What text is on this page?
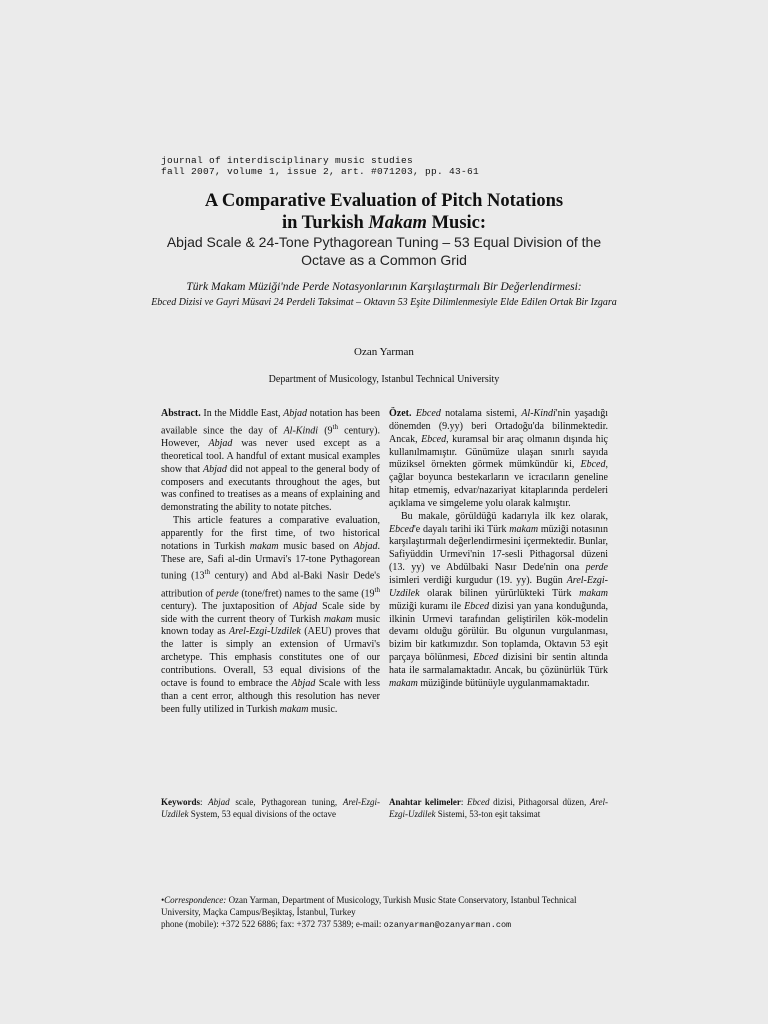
journal of interdisciplinary music studies
fall 2007, volume 1, issue 2, art. #071203, pp. 43-61
A Comparative Evaluation of Pitch Notations
in Turkish Makam Music:
Abjad Scale & 24-Tone Pythagorean Tuning – 53 Equal Division of the Octave as a Common Grid
Türk Makam Müziği'nde Perde Notasyonlarının Karşılaştırmalı Bir Değerlendirmesi:
Ebced Dizisi ve Gayri Müsavi 24 Perdeli Taksimat – Oktavın 53 Eşite Dilimlenmesiyle Elde Edilen Ortak Bir Izgara
Ozan Yarman
Department of Musicology, Istanbul Technical University

Abstract. In the Middle East, Abjad notation has been available since the day of Al-Kindi (9th century). However, Abjad was never used except as a theoretical tool. A handful of extant musical examples show that Abjad did not appeal to the general body of composers and executants throughout the ages, but was confined to treatises as a means of explaining and demonstrating the ability to notate pitches.

This article features a comparative evaluation, apparently for the first time, of two historical notations in Turkish makam music based on Abjad. These are, Safi al-din Urmavi's 17-tone Pythagorean tuning (13th century) and Abd al-Baki Nasir Dede's attribution of perde (tone/fret) names to the same (19th century). The juxtaposition of Abjad Scale side by side with the current theory of Turkish makam music known today as Arel-Ezgi-Uzdilek (AEU) proves that the latter is simply an extension of Urmavi's archetype. This emphasis constitutes one of our contributions. Overall, 53 equal divisions of the octave is found to embrace the Abjad Scale with less than a cent error, although this resolution has never been fully utilized in Turkish makam music.

Özet. Ebced notalama sistemi, Al-Kindi'nin yaşadığı dönemden (9.yy) beri Ortadoğu'da bilinmektedir. Ancak, Ebced, kuramsal bir araç olmanın dışında hiç kullanılmamıştır. Günümüze ulaşan sınırlı sayıda müziksel örnekten görmek mümkündür ki, Ebced, çağlar boyunca bestekarların ve icracıların geneline hitap etmemiş, edvar/nazariyat kitaplarında perdeleri açıklama ve simgeleme yolu olarak kalmıştır.

Bu makale, görüldüğü kadarıyla ilk kez olarak, Ebced'e dayalı tarihi iki Türk makam müziği notasının karşılaştırmalı değerlendirmesini içermektedir. Bunlar, Safiyüddin Urmevi'nin 17-sesli Pithagorsal düzeni (13. yy) ve Abdülbaki Nasır Dede'nin ona perde isimleri verdiği kurgudur (19. yy). Bugün Arel-Ezgi-Uzdilek olarak bilinen yürürlükteki Türk makam müziği kuramı ile Ebced dizisi yan yana konduğunda, ilkinin Urmevi tarafından geliştirilen kök-modelin devamı olduğu görülür. Bu olgunun vurgulanması, bizim bir katkımızdır. Son toplamda, Oktavın 53 eşit parçaya bölünmesi, Ebced dizisini bir sentin altında hata ile sarmalamaktadır. Ancak, bu çözünürlük Türk makam müziğinde bütünüyle uygulanmamaktadır.

Keywords: Abjad scale, Pythagorean tuning, Arel-Ezgi-Uzdilek System, 53 equal divisions of the octave
Anahtar kelimeler: Ebced dizisi, Pithagorsal düzen, Arel-Ezgi-Uzdilek Sistemi, 53-ton eşit taksimat
•Correspondence: Ozan Yarman, Department of Musicology, Turkish Music State Conservatory, Istanbul Technical University, Maçka Campus/Beşiktaş, İstanbul, Turkey
phone (mobile): +372 522 6886; fax: +372 737 5389; e-mail: ozanyarman@ozanyarman.com
